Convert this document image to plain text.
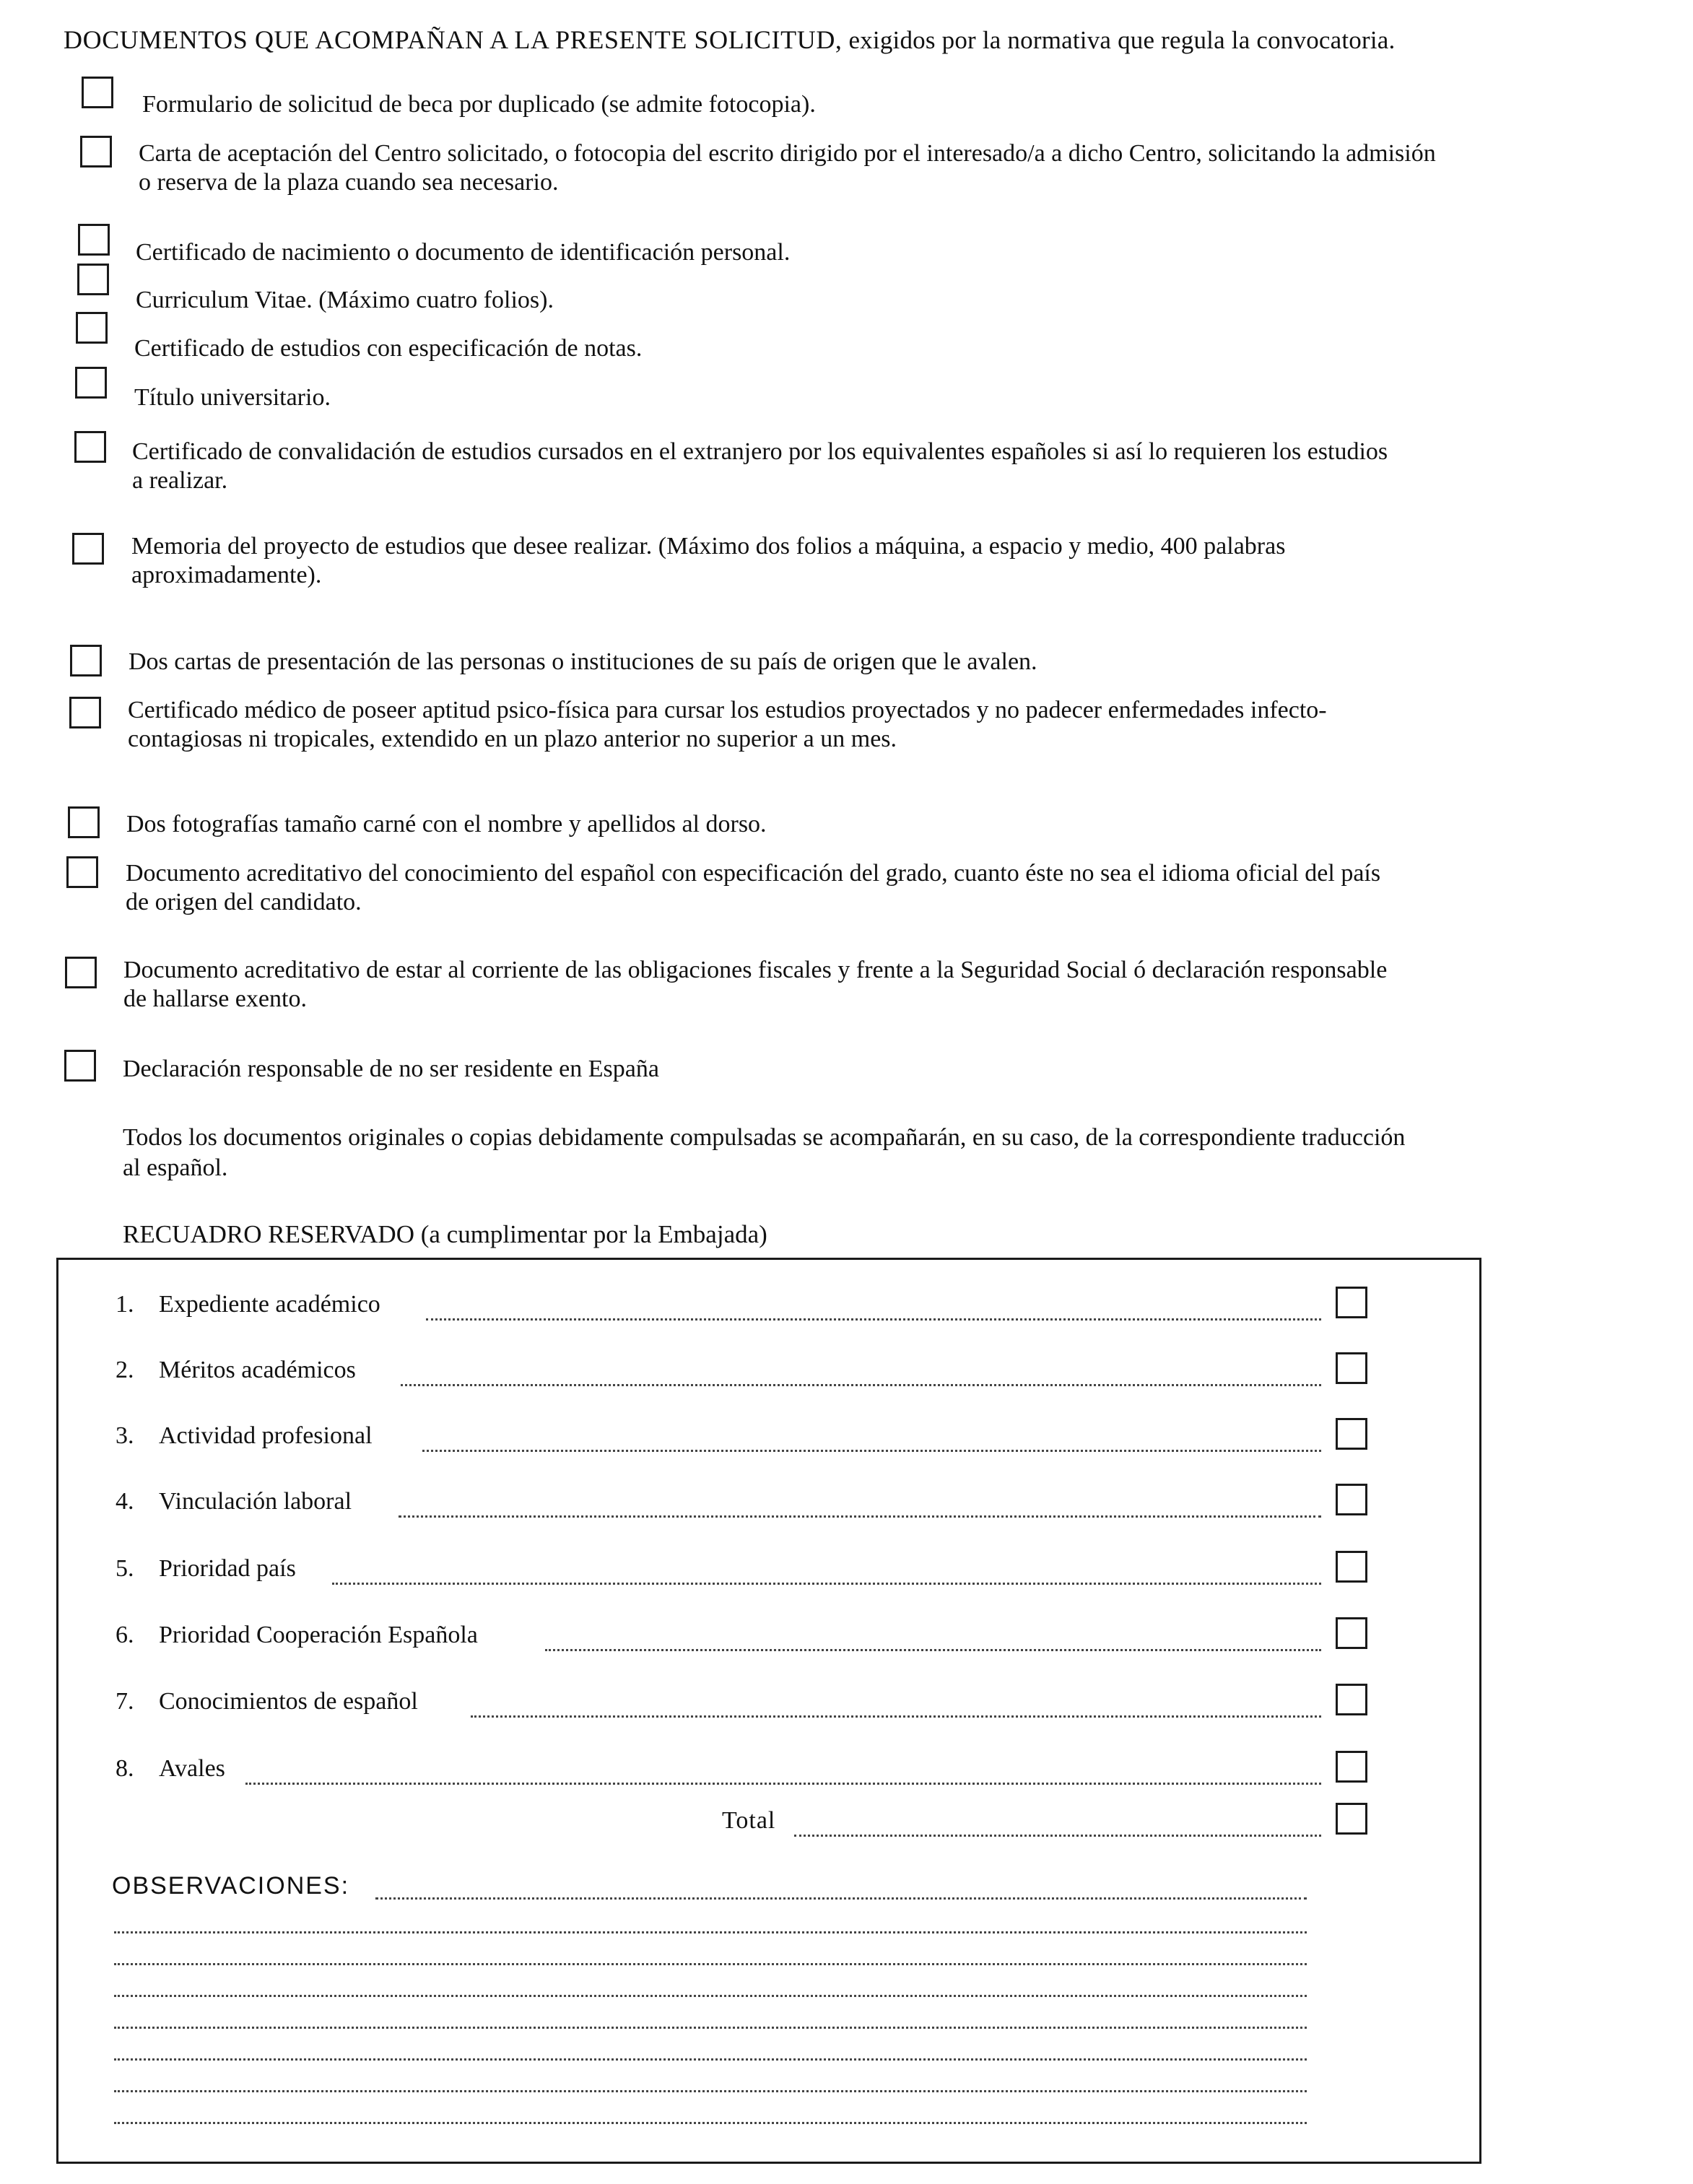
DOCUMENTOS QUE ACOMPAÑAN A LA PRESENTE SOLICITUD, exigidos por la normativa que regula la convocatoria.
Formulario de solicitud de beca por duplicado (se admite fotocopia).
Carta de aceptación del Centro solicitado, o fotocopia del escrito dirigido por el interesado/a a dicho Centro, solicitando la admisión
o reserva de la plaza cuando sea necesario.
Certificado de nacimiento o documento de identificación personal.
Curriculum Vitae. (Máximo cuatro folios).
Certificado de estudios con especificación de notas.
Título universitario.
Certificado de convalidación de estudios cursados en el extranjero por los equivalentes españoles si así lo requieren los estudios
a realizar.
Memoria del proyecto de estudios que desee realizar. (Máximo dos folios a máquina, a espacio y medio, 400 palabras
aproximadamente).
Dos cartas de presentación de las personas o instituciones de su país de origen que le avalen.
Certificado médico de poseer aptitud psico-física para cursar los estudios proyectados y no padecer enfermedades infecto-
contagiosas ni tropicales, extendido en un plazo anterior no superior a un mes.
Dos fotografías tamaño carné con el nombre y apellidos al dorso.
Documento acreditativo del conocimiento del español con especificación del grado, cuanto éste no sea el idioma oficial del país
de origen del candidato.
Documento acreditativo de estar al corriente de las obligaciones fiscales y frente a la Seguridad Social ó declaración responsable
de hallarse exento.
Declaración responsable de no ser residente en España
Todos los documentos originales o copias debidamente compulsadas se acompañarán, en su caso, de la correspondiente traducción
al español.
RECUADRO RESERVADO (a cumplimentar por la Embajada)
1. Expediente académico
2. Méritos académicos
3. Actividad profesional
4. Vinculación laboral
5. Prioridad país
6. Prioridad Cooperación Española
7. Conocimientos de español
8. Avales
Total
OBSERVACIONES:
